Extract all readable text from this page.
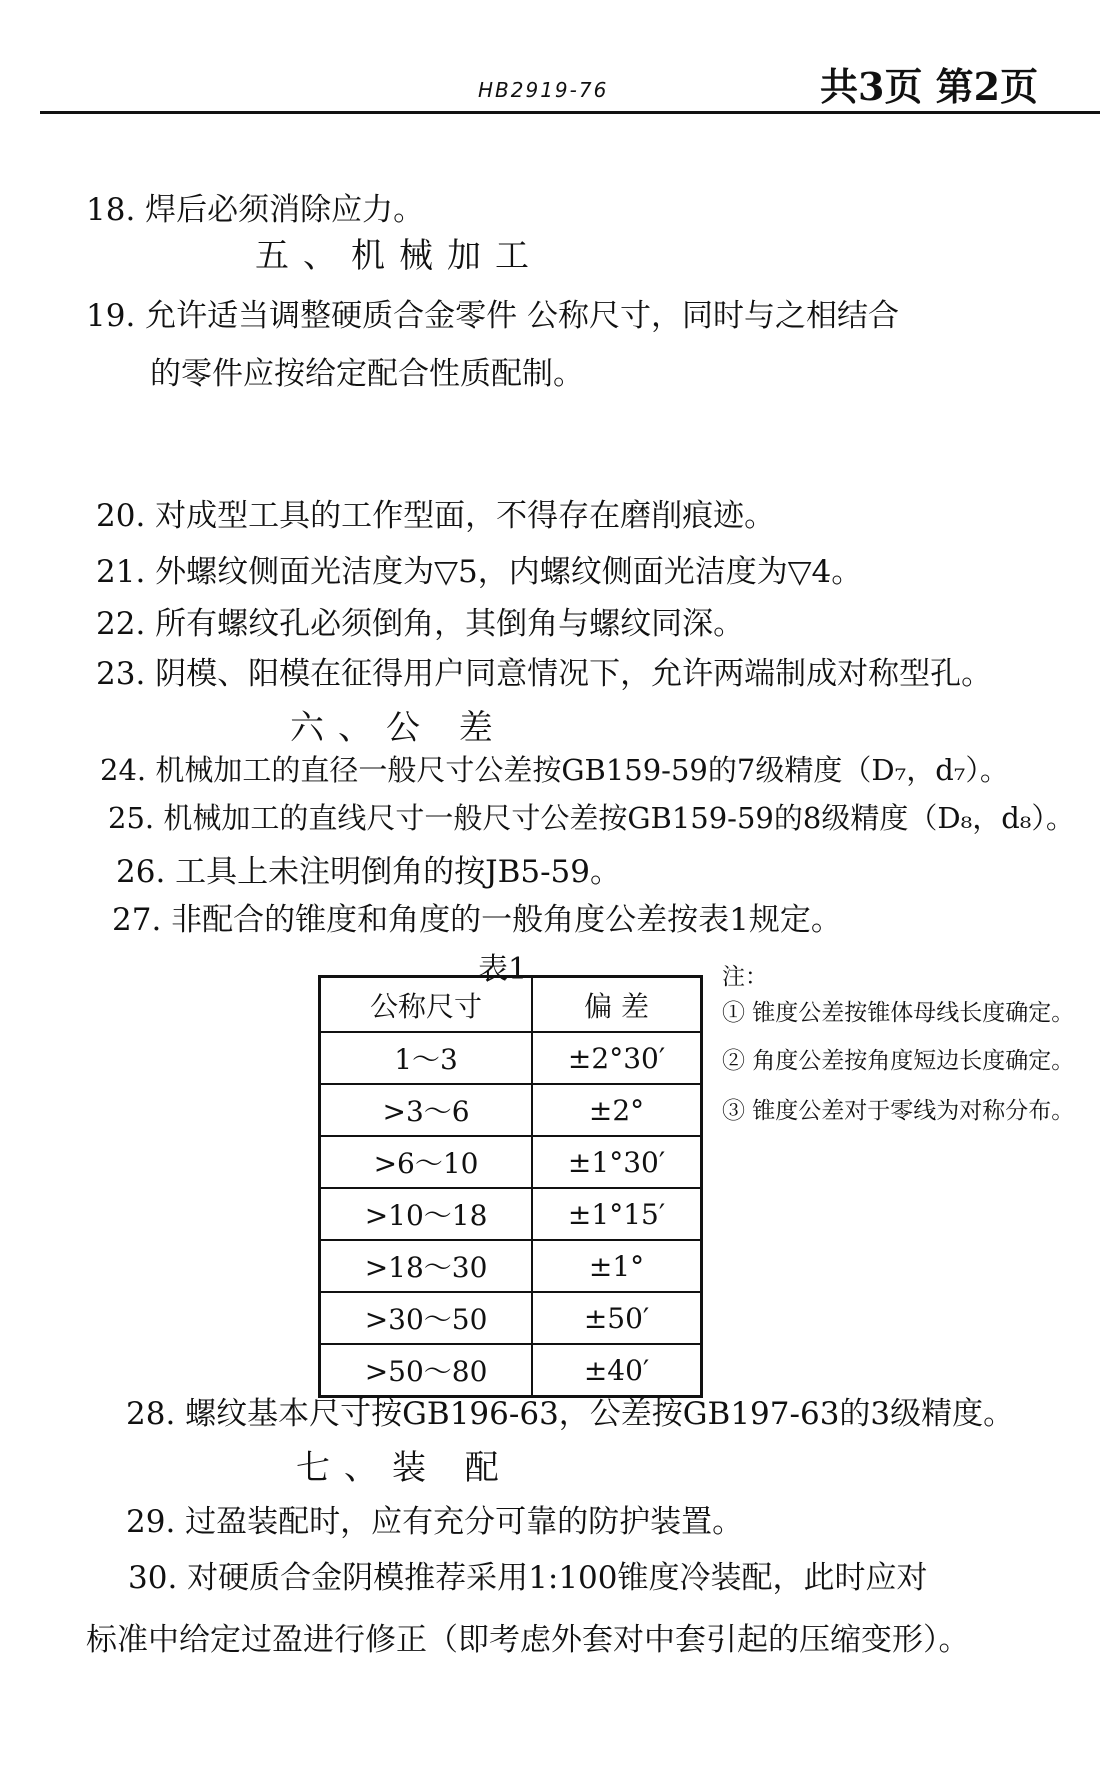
HB2919-76	共3页 第2页
18. 焊后必须消除应力。
五、机械加工
19. 允许适当调整硬质合金零件 公称尺寸，同时与之相结合
的零件应按给定配合性质配制。
20. 对成型工具的工作型面，不得存在磨削痕迹。
21. 外螺纹侧面光洁度为▽5，内螺纹侧面光洁度为▽4。
22. 所有螺纹孔必须倒角，其倒角与螺纹同深。
23. 阴模、阳模在征得用户同意情况下，允许两端制成对称型孔。
六、公 差
24. 机械加工的直径一般尺寸公差按GB159-59的7级精度（D₇，d₇）。
25. 机械加工的直线尺寸一般尺寸公差按GB159-59的8级精度（D₈，d₈）。
26. 工具上未注明倒角的按JB5-59。
27. 非配合的锥度和角度的一般角度公差按表1规定。
表1
公称尺寸	偏 差
1～3	±2°30′
>3～6	±2°
>6～10	±1°30′
>10～18	±1°15′
>18～30	±1°
>30～50	±50′
>50～80	±40′
注：
① 锥度公差按锥体母线长度确定。
② 角度公差按角度短边长度确定。
③ 锥度公差对于零线为对称分布。
28. 螺纹基本尺寸按GB196-63，公差按GB197-63的3级精度。
七、装 配
29. 过盈装配时，应有充分可靠的防护装置。
30. 对硬质合金阴模推荐采用1:100锥度冷装配，此时应对
标准中给定过盈进行修正（即考虑外套对中套引起的压缩变形）。
